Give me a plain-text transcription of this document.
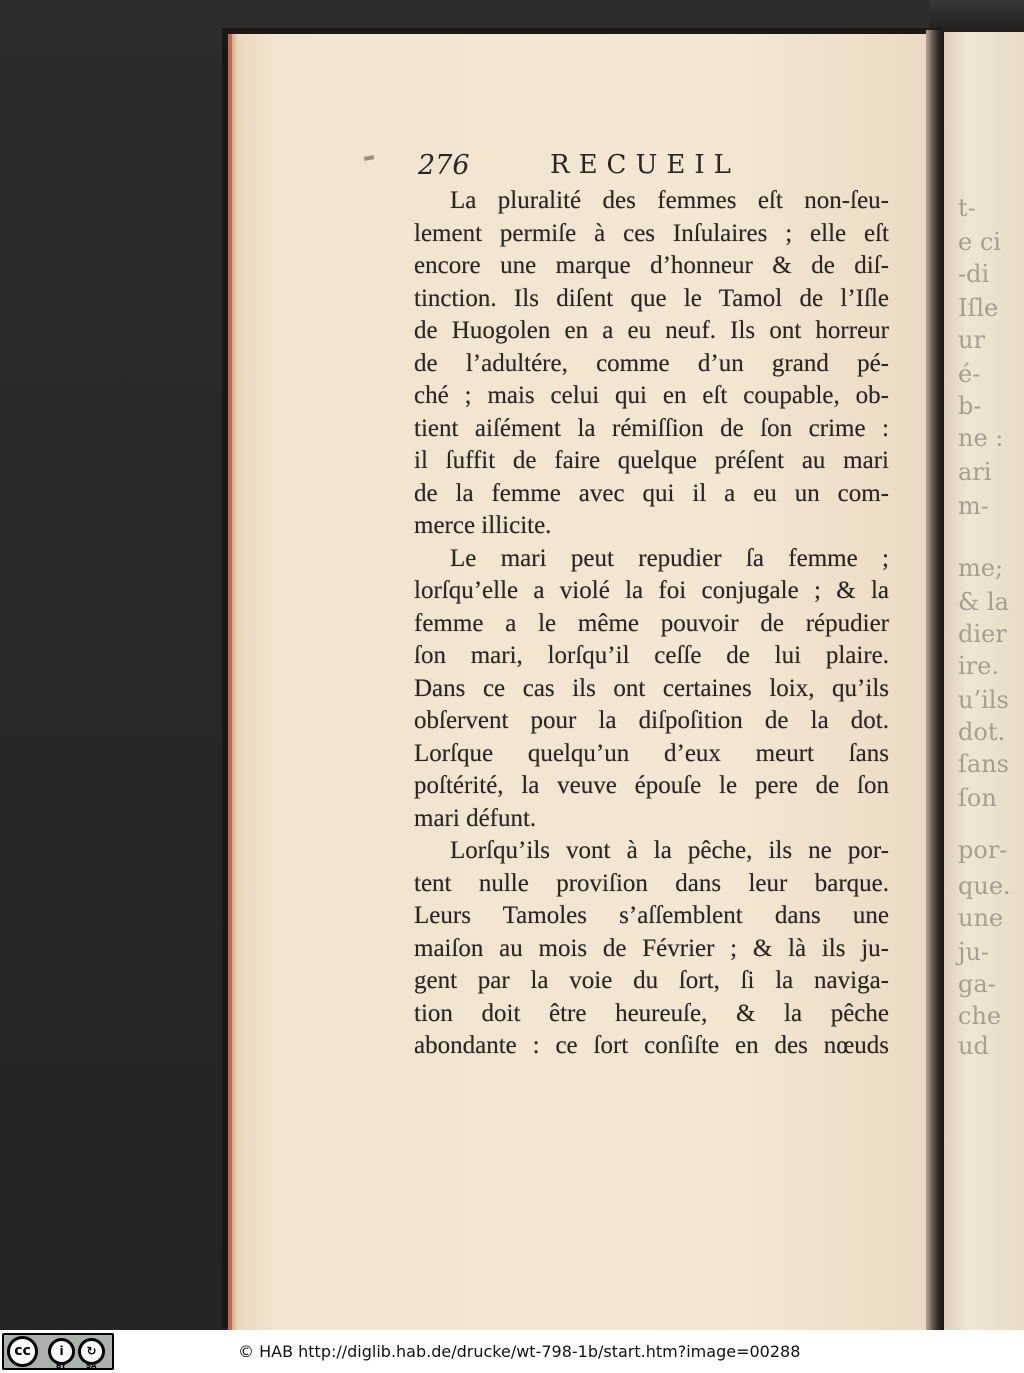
t-
e ci
-di
Iſle
ur
é-
b-
ne :
ari
m-
me;
& la
dier
ire.
u’ils
dot.
ſans
ſon
por-
que.
une
ju-
ga-
che
ud
276	RECUEIL
La pluralité des femmes eſt non-ſeu-
lement permiſe à ces Inſulaires ; elle eſt
encore une marque d’honneur & de diſ-
tinction. Ils diſent que le Tamol de l’Iſle
de Huogolen en a eu neuf. Ils ont horreur
de l’adultére, comme d’un grand pé-
ché ; mais celui qui en eſt coupable, ob-
tient aiſément la rémiſſion de ſon crime :
il ſuffit de faire quelque préſent au mari
de la femme avec qui il a eu un com-
merce illicite.
Le mari peut repudier ſa femme ;
lorſqu’elle a violé la foi conjugale ; & la
femme a le même pouvoir de répudier
ſon mari, lorſqu’il ceſſe de lui plaire.
Dans ce cas ils ont certaines loix, qu’ils
obſervent pour la diſpoſition de la dot.
Lorſque quelqu’un d’eux meurt ſans
poſtérité, la veuve épouſe le pere de ſon
mari défunt.
Lorſqu’ils vont à la pêche, ils ne por-
tent nulle proviſion dans leur barque.
Leurs Tamoles s’aſſemblent dans une
maiſon au mois de Février ; & là ils ju-
gent par la voie du ſort, ſi la naviga-
tion doit être heureuſe, & la pêche
abondante : ce ſort conſiſte en des nœuds
cc	i	↻
BY	SA
© HAB http://diglib.hab.de/drucke/wt-798-1b/start.htm?image=00288
